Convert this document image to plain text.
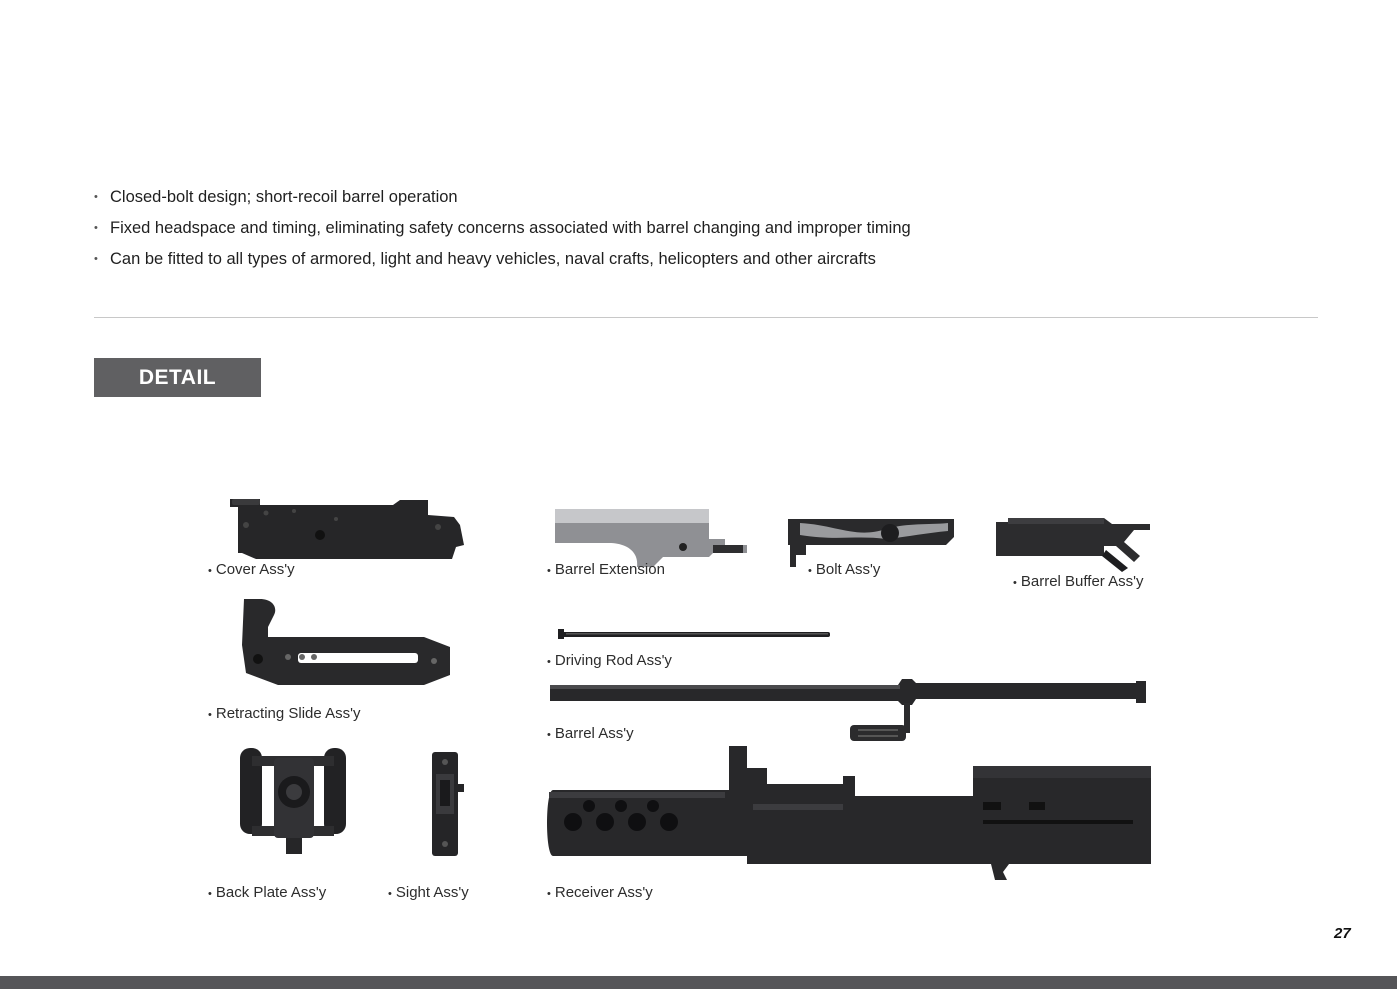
• Closed-bolt design; short-recoil barrel operation
• Fixed headspace and timing, eliminating safety concerns associated with barrel changing and improper timing
• Can be fitted to all types of armored, light and heavy vehicles, naval crafts, helicopters and other aircrafts
DETAIL
• Cover Ass'y	• Barrel Extension	• Bolt Ass'y
• Barrel Buffer Ass'y
• Retracting Slide Ass'y
• Driving Rod Ass'y
• Barrel Ass'y
• Back Plate Ass'y	• Sight Ass'y	• Receiver Ass'y
27
